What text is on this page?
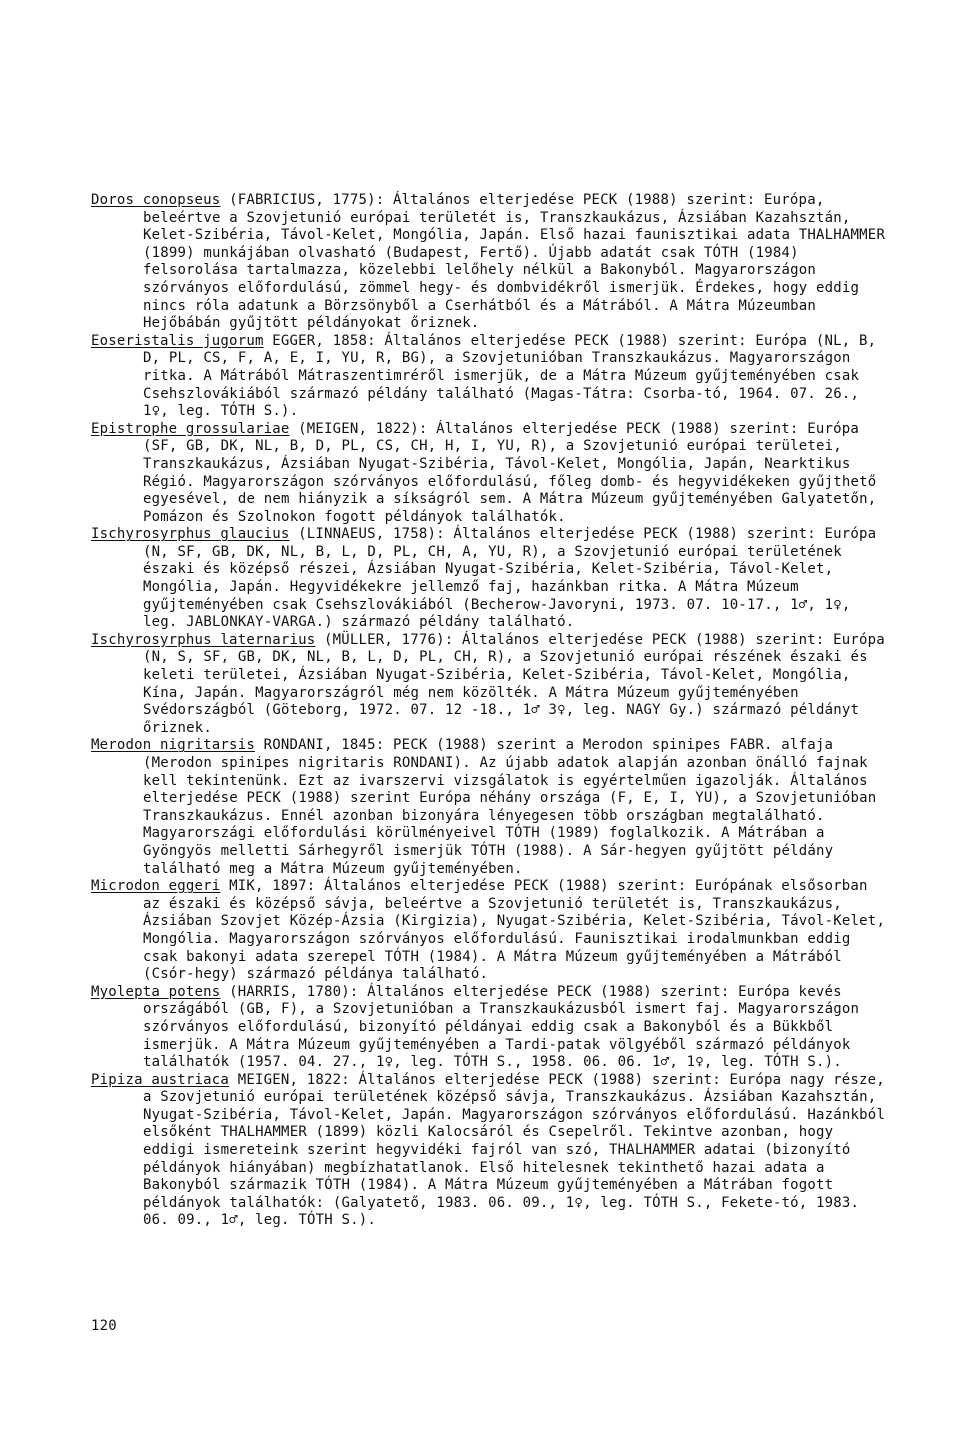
Doros conopseus (FABRICIUS, 1775): Általános elterjedése PECK (1988) szerint: Európa, beleértve a Szovjetunió európai területét is, Transzkaukázus, Ázsiában Kazahsztán, Kelet-Szibéria, Távol-Kelet, Mongólia, Japán. Első hazai faunisztikai adata THALHAMMER (1899) munkájában olvasható (Budapest, Fertő). Újabb adatát csak TÓTH (1984) felsorolása tartalmazza, közelebbi lelőhely nélkül a Bakonyból. Magyarországon szórványos előfordulású, zömmel hegy- és dombvidékről ismerjük. Érdekes, hogy eddig nincs róla adatunk a Börzsönyből a Cserhátból és a Mátrából. A Mátra Múzeumban Hejőbábán gyűjtött példányokat őriznek.

Eoseristalis jugorum EGGER, 1858: Általános elterjedése PECK (1988) szerint: Európa (NL, B, D, PL, CS, F, A, E, I, YU, R, BG), a Szovjetunióban Transzkaukázus. Magyarországon ritka. A Mátrából Mátraszentimréről ismerjük, de a Mátra Múzeum gyűjteményében csak Csehszlovákiából származó példány található (Magas-Tátra: Csorba-tó, 1964. 07. 26., 1♀, leg. TÓTH S.).

Epistrophe grossulariae (MEIGEN, 1822): Általános elterjedése PECK (1988) szerint: Európa (SF, GB, DK, NL, B, D, PL, CS, CH, H, I, YU, R), a Szovjetunió európai területei, Transzkaukázus, Ázsiában Nyugat-Szibéria, Távol-Kelet, Mongólia, Japán, Nearktikus Régió. Magyarországon szórványos előfordulású, főleg domb- és hegyvidékeken gyűjthető egyesével, de nem hiányzik a síkságról sem. A Mátra Múzeum gyűjteményében Galyatetőn, Pomázon és Szolnokon fogott példányok találhatók.

Ischyrosyrphus glaucius (LINNAEUS, 1758): Általános elterjedése PECK (1988) szerint: Európa (N, SF, GB, DK, NL, B, L, D, PL, CH, A, YU, R), a Szovjetunió európai területének északi és középső részei, Ázsiában Nyugat-Szibéria, Kelet-Szibéria, Távol-Kelet, Mongólia, Japán. Hegyvidékekre jellemző faj, hazánkban ritka. A Mátra Múzeum gyűjteményében csak Csehszlovákiából (Becherow-Javoryni, 1973. 07. 10-17., 1♂, 1♀, leg. JABLONKAY-VARGA.) származó példány található.

Ischyrosyrphus laternarius (MÜLLER, 1776): Általános elterjedése PECK (1988) szerint: Európa (N, S, SF, GB, DK, NL, B, L, D, PL, CH, R), a Szovjetunió európai részének északi és keleti területei, Ázsiában Nyugat-Szibéria, Kelet-Szibéria, Távol-Kelet, Mongólia, Kína, Japán. Magyarországról még nem közölték. A Mátra Múzeum gyűjteményében Svédországból (Göteborg, 1972. 07. 12 -18., 1♂ 3♀, leg. NAGY Gy.) származó példányt őriznek.

Merodon nigritarsis RONDANI, 1845: PECK (1988) szerint a Merodon spinipes FABR. alfaja (Merodon spinipes nigritaris RONDANI). Az újabb adatok alapján azonban önálló fajnak kell tekintenünk. Ezt az ivarszervi vizsgálatok is egyértelműen igazolják. Általános elterjedése PECK (1988) szerint Európa néhány országa (F, E, I, YU), a Szovjetunióban Transzkaukázus. Ennél azonban bizonyára lényegesen több országban megtalálható. Magyarországi előfordulási körülményeivel TÓTH (1989) foglalkozik. A Mátrában a Gyöngyös melletti Sárhegyről ismerjük TÓTH (1988). A Sár-hegyen gyűjtött példány található meg a Mátra Múzeum gyűjteményében.

Microdon eggeri MIK, 1897: Általános elterjedése PECK (1988) szerint: Európának elsősorban az északi és középső sávja, beleértve a Szovjetunió területét is, Transzkaukázus, Ázsiában Szovjet Közép-Ázsia (Kirgizia), Nyugat-Szibéria, Kelet-Szibéria, Távol-Kelet, Mongólia. Magyarországon szórványos előfordulású. Faunisztikai irodalmunkban eddig csak bakonyi adata szerepel TÓTH (1984). A Mátra Múzeum gyűjteményében a Mátrából (Csór-hegy) származó példánya található.

Myolepta potens (HARRIS, 1780): Általános elterjedése PECK (1988) szerint: Európa kevés országából (GB, F), a Szovjetunióban a Transzkaukázusból ismert faj. Magyarországon szórványos előfordulású, bizonyító példányai eddig csak a Bakonyból és a Bükkből ismerjük. A Mátra Múzeum gyűjteményében a Tardi-patak völgyéből származó példányok találhatók (1957. 04. 27., 1♀, leg. TÓTH S., 1958. 06. 06. 1♂, 1♀, leg. TÓTH S.).

Pipiza austriaca MEIGEN, 1822: Általános elterjedése PECK (1988) szerint: Európa nagy része, a Szovjetunió európai területének középső sávja, Transzkaukázus. Ázsiában Kazahsztán, Nyugat-Szibéria, Távol-Kelet, Japán. Magyarországon szórványos előfordulású. Hazánkból elsőként THALHAMMER (1899) közli Kalocsáról és Csepelről. Tekintve azonban, hogy eddigi ismereteink szerint hegyvidéki fajról van szó, THALHAMMER adatai (bizonyító példányok hiányában) megbízhatatlanok. Első hitelesnek tekinthető hazai adata a Bakonyból származik TÓTH (1984). A Mátra Múzeum gyűjteményében a Mátrában fogott példányok találhatók: (Galyatető, 1983. 06. 09., 1♀, leg. TÓTH S., Fekete-tó, 1983. 06. 09., 1♂, leg. TÓTH S.).

120
